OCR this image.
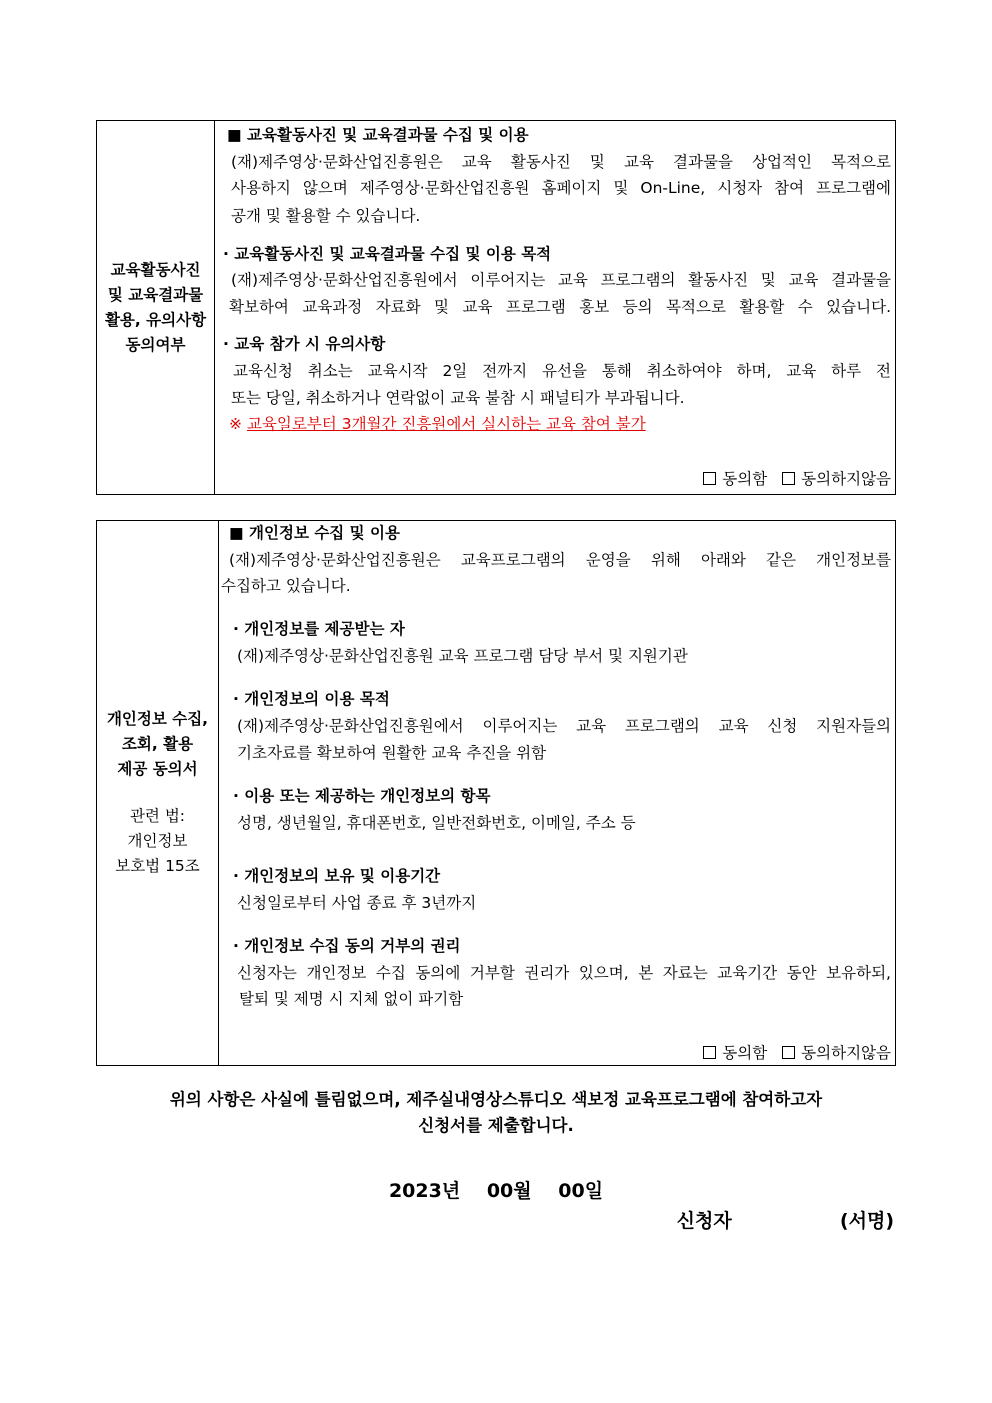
교육활동사진
및 교육결과물
활용, 유의사항
동의여부
■ 교육활동사진 및 교육결과물 수집 및 이용
(재)제주영상·문화산업진흥원은 교육 활동사진 및 교육 결과물을 상업적인 목적으로
사용하지 않으며 제주영상·문화산업진흥원 홈페이지 및 On-Line, 시청자 참여 프로그램에
공개 및 활용할 수 있습니다.
· 교육활동사진 및 교육결과물 수집 및 이용 목적
(재)제주영상·문화산업진흥원에서 이루어지는 교육 프로그램의 활동사진 및 교육 결과물을
확보하여 교육과정 자료화 및 교육 프로그램 홍보 등의 목적으로 활용할 수 있습니다.
· 교육 참가 시 유의사항
교육신청 취소는 교육시작 2일 전까지 유선을 통해 취소하여야 하며, 교육 하루 전
또는 당일, 취소하거나 연락없이 교육 불참 시 패널티가 부과됩니다.
※ 교육일로부터 3개월간 진흥원에서 실시하는 교육 참여 불가
동의함 동의하지않음
개인정보 수집,
조회, 활용
제공 동의서
관련 법:
개인정보
보호법 15조
■ 개인정보 수집 및 이용
(재)제주영상·문화산업진흥원은 교육프로그램의 운영을 위해 아래와 같은 개인정보를
수집하고 있습니다.
· 개인정보를 제공받는 자
(재)제주영상·문화산업진흥원 교육 프로그램 담당 부서 및 지원기관
· 개인정보의 이용 목적
(재)제주영상·문화산업진흥원에서 이루어지는 교육 프로그램의 교육 신청 지원자들의
기초자료를 확보하여 원활한 교육 추진을 위함
· 이용 또는 제공하는 개인정보의 항목
성명, 생년월일, 휴대폰번호, 일반전화번호, 이메일, 주소 등
· 개인정보의 보유 및 이용기간
신청일로부터 사업 종료 후 3년까지
· 개인정보 수집 동의 거부의 권리
신청자는 개인정보 수집 동의에 거부할 권리가 있으며, 본 자료는 교육기간 동안 보유하되,
탈퇴 및 제명 시 지체 없이 파기함
동의함 동의하지않음
위의 사항은 사실에 틀림없으며, 제주실내영상스튜디오 색보정 교육프로그램에 참여하고자
신청서를 제출합니다.
2023년 00월 00일
신청자	(서명)
